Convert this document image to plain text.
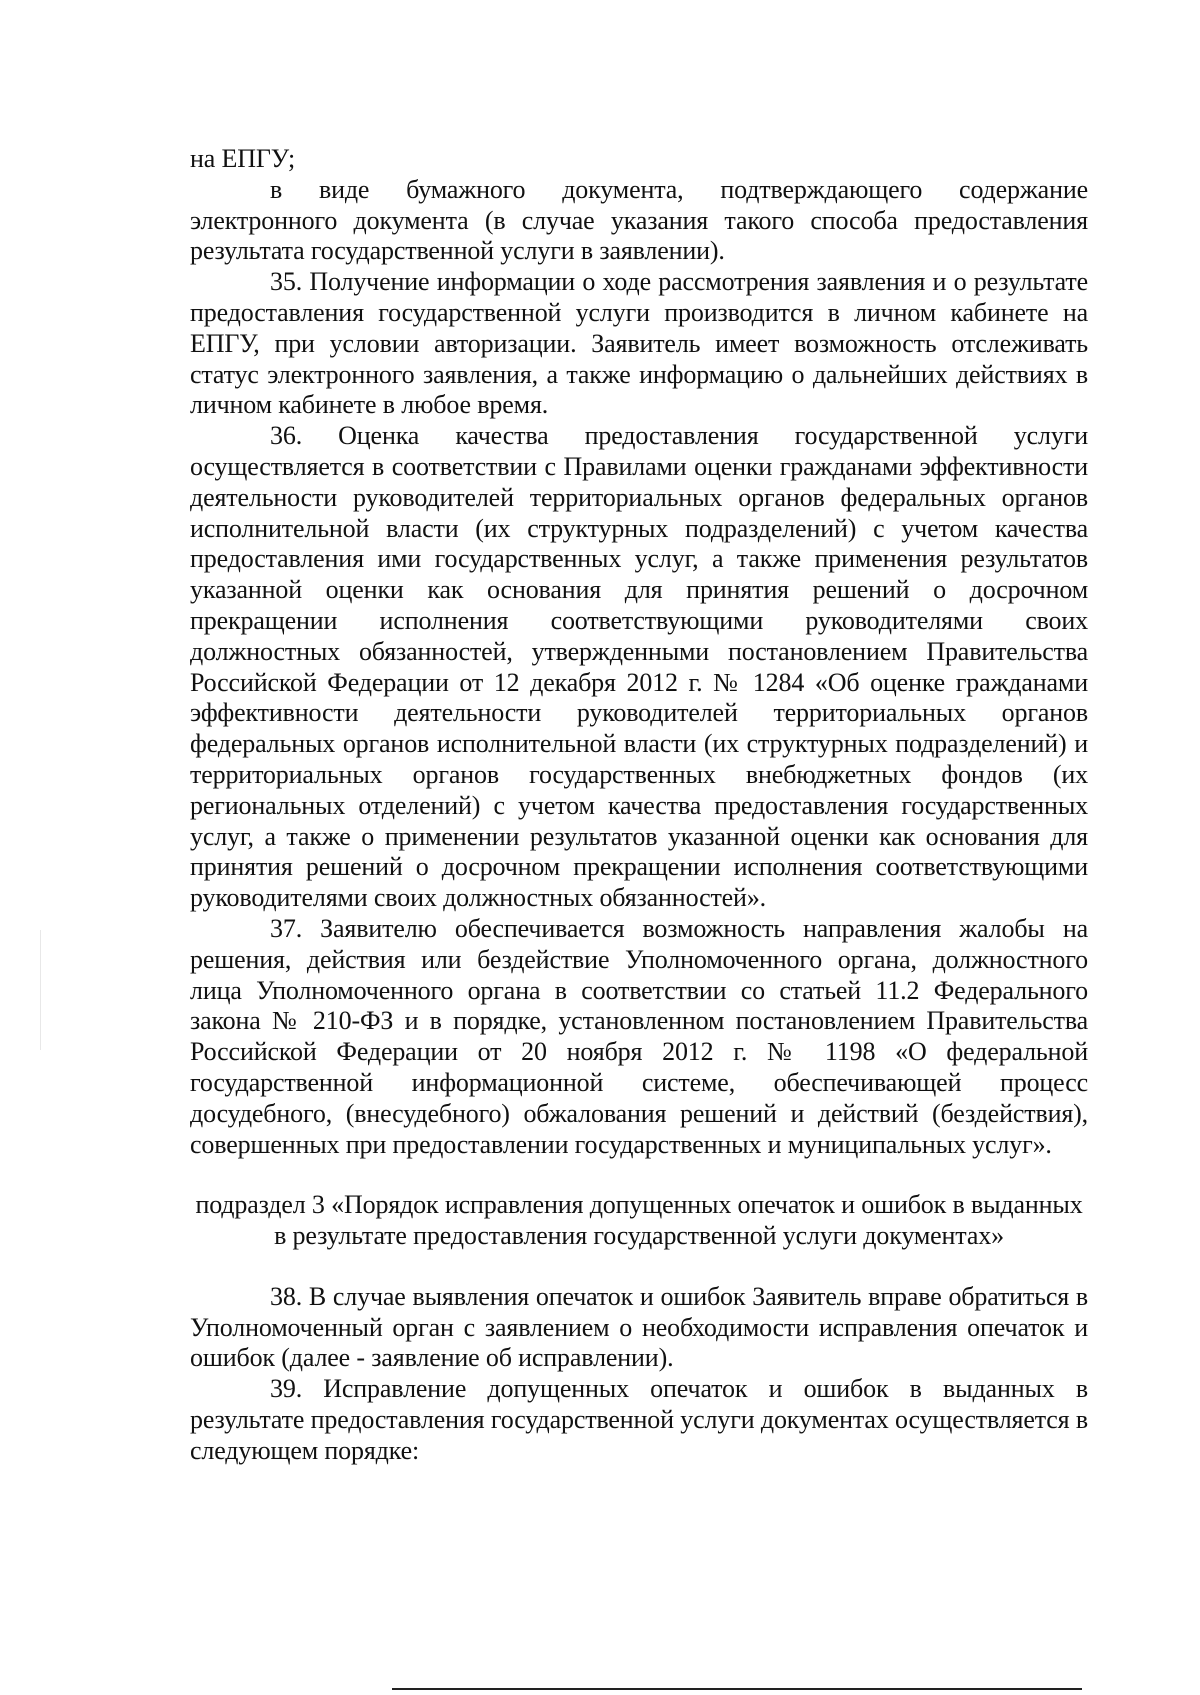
на ЕПГУ;

в виде бумажного документа, подтверждающего содержание электронного документа (в случае указания такого способа предоставления результата государственной услуги в заявлении).

35. Получение информации о ходе рассмотрения заявления и о результате предоставления государственной услуги производится в личном кабинете на ЕПГУ, при условии авторизации. Заявитель имеет возможность отслеживать статус электронного заявления, а также информацию о дальнейших действиях в личном кабинете в любое время.

36. Оценка качества предоставления государственной услуги осуществляется в соответствии с Правилами оценки гражданами эффективности деятельности руководителей территориальных органов федеральных органов исполнительной власти (их структурных подразделений) с учетом качества предоставления ими государственных услуг, а также применения результатов указанной оценки как основания для принятия решений о досрочном прекращении исполнения соответствующими руководителями своих должностных обязанностей, утвержденными постановлением Правительства Российской Федерации от 12 декабря 2012 г. № 1284 «Об оценке гражданами эффективности деятельности руководителей территориальных органов федеральных органов исполнительной власти (их структурных подразделений) и территориальных органов государственных внебюджетных фондов (их региональных отделений) с учетом качества предоставления государственных услуг, а также о применении результатов указанной оценки как основания для принятия решений о досрочном прекращении исполнения соответствующими руководителями своих должностных обязанностей».

37. Заявителю обеспечивается возможность направления жалобы на решения, действия или бездействие Уполномоченного органа, должностного лица Уполномоченного органа в соответствии со статьей 11.2 Федерального закона № 210-ФЗ и в порядке, установленном постановлением Правительства Российской Федерации от 20 ноября 2012 г. № 1198 «О федеральной государственной информационной системе, обеспечивающей процесс досудебного, (внесудебного) обжалования решений и действий (бездействия), совершенных при предоставлении государственных и муниципальных услуг».

подраздел 3 «Порядок исправления допущенных опечаток и ошибок в выданных в результате предоставления государственной услуги документах»

38. В случае выявления опечаток и ошибок Заявитель вправе обратиться в Уполномоченный орган с заявлением о необходимости исправления опечаток и ошибок (далее - заявление об исправлении).

39. Исправление допущенных опечаток и ошибок в выданных в результате предоставления государственной услуги документах осуществляется в следующем порядке:
